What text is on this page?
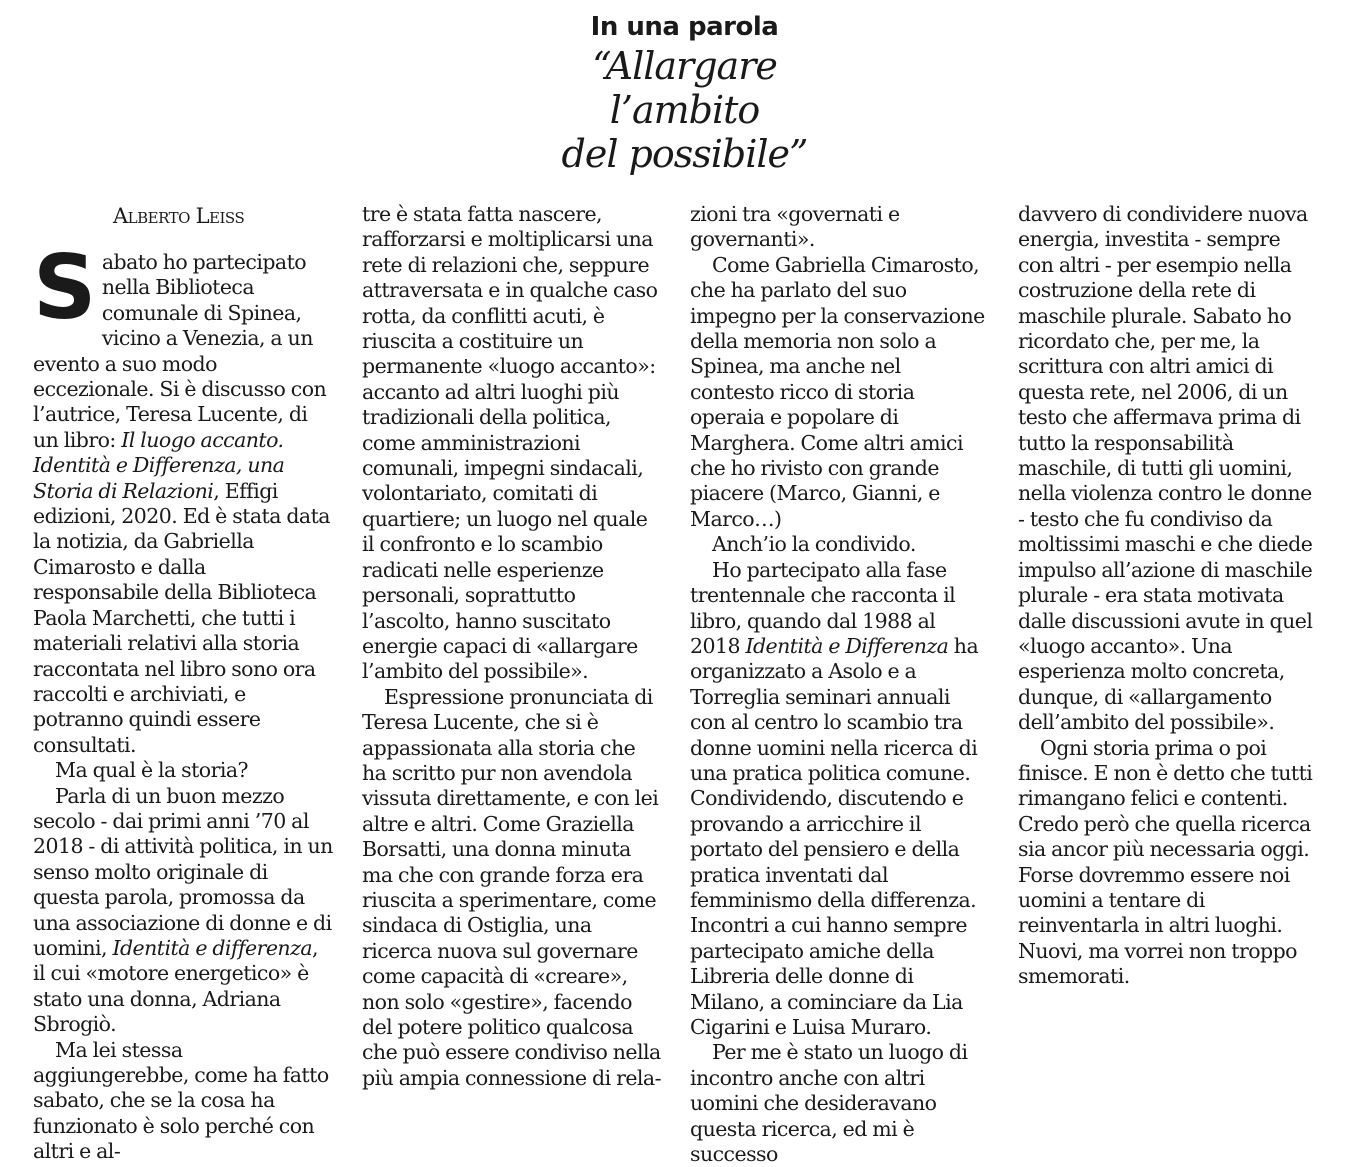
In una parola
“Allargare
l’ambito
del possibile”
Alberto Leiss

Sabato ho partecipato nella Biblioteca comunale di Spinea, vicino a Venezia, a un evento a suo modo eccezionale. Si è discusso con l’autrice, Teresa Lucente, di un libro: Il luogo accanto. Identità e Differenza, una Storia di Relazioni, Effigi edizioni, 2020. Ed è stata data la notizia, da Gabriella Cimarosto e dalla responsabile della Biblioteca Paola Marchetti, che tutti i materiali relativi alla storia raccontata nel libro sono ora raccolti e archiviati, e potranno quindi essere consultati.

Ma qual è la storia?

Parla di un buon mezzo secolo - dai primi anni ’70 al 2018 - di attività politica, in un senso molto originale di questa parola, promossa da una associazione di donne e di uomini, Identità e differenza, il cui «motore energetico» è stato una donna, Adriana Sbrogiò.

Ma lei stessa aggiungerebbe, come ha fatto sabato, che se la cosa ha funzionato è solo perché con altri e al-

tre è stata fatta nascere, rafforzarsi e moltiplicarsi una rete di relazioni che, seppure attraversata e in qualche caso rotta, da conflitti acuti, è riuscita a costituire un permanente «luogo accanto»: accanto ad altri luoghi più tradizionali della politica, come amministrazioni comunali, impegni sindacali, volontariato, comitati di quartiere; un luogo nel quale il confronto e lo scambio radicati nelle esperienze personali, soprattutto l’ascolto, hanno suscitato energie capaci di «allargare l’ambito del possibile».

Espressione pronunciata di Teresa Lucente, che si è appassionata alla storia che ha scritto pur non avendola vissuta direttamente, e con lei altre e altri. Come Graziella Borsatti, una donna minuta ma che con grande forza era riuscita a sperimentare, come sindaca di Ostiglia, una ricerca nuova sul governare come capacità di «creare», non solo «gestire», facendo del potere politico qualcosa che può essere condiviso nella più ampia connessione di rela-

zioni tra «governati e governanti».

Come Gabriella Cimarosto, che ha parlato del suo impegno per la conservazione della memoria non solo a Spinea, ma anche nel contesto ricco di storia operaia e popolare di Marghera. Come altri amici che ho rivisto con grande piacere (Marco, Gianni, e Marco…)

Anch’io la condivido.

Ho partecipato alla fase trentennale che racconta il libro, quando dal 1988 al 2018 Identità e Differenza ha organizzato a Asolo e a Torreglia seminari annuali con al centro lo scambio tra donne uomini nella ricerca di una pratica politica comune. Condividendo, discutendo e provando a arricchire il portato del pensiero e della pratica inventati dal femminismo della differenza. Incontri a cui hanno sempre partecipato amiche della Libreria delle donne di Milano, a cominciare da Lia Cigarini e Luisa Muraro.

Per me è stato un luogo di incontro anche con altri uomini che desideravano questa ricerca, ed mi è successo

davvero di condividere nuova energia, investita - sempre con altri - per esempio nella costruzione della rete di maschile plurale. Sabato ho ricordato che, per me, la scrittura con altri amici di questa rete, nel 2006, di un testo che affermava prima di tutto la responsabilità maschile, di tutti gli uomini, nella violenza contro le donne - testo che fu condiviso da moltissimi maschi e che diede impulso all’azione di maschile plurale - era stata motivata dalle discussioni avute in quel «luogo accanto». Una esperienza molto concreta, dunque, di «allargamento dell’ambito del possibile».

Ogni storia prima o poi finisce. E non è detto che tutti rimangano felici e contenti. Credo però che quella ricerca sia ancor più necessaria oggi. Forse dovremmo essere noi uomini a tentare di reinventarla in altri luoghi. Nuovi, ma vorrei non troppo smemorati.
